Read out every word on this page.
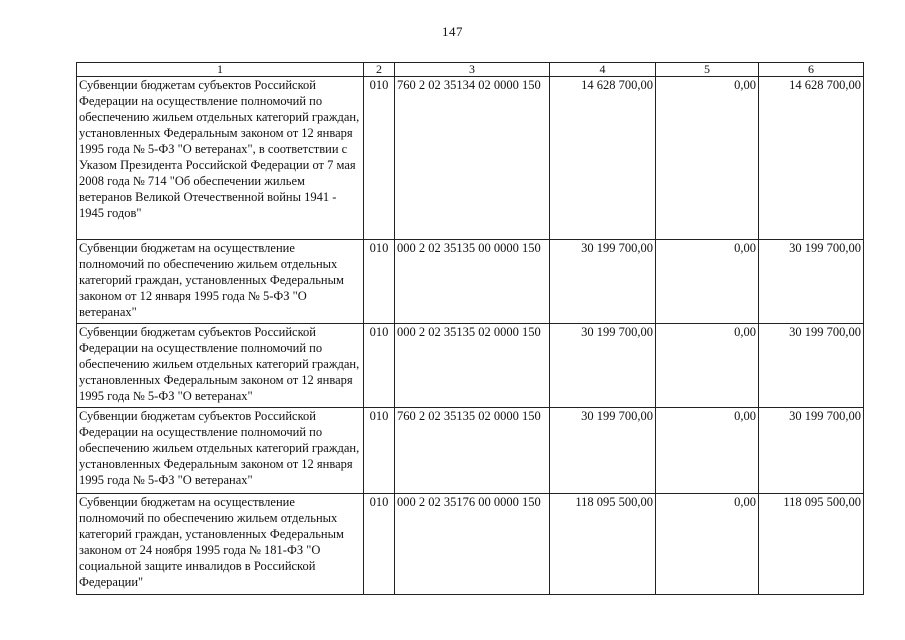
147
1	2	3	4	5	6
Субвенции бюджетам субъектов Российской Федерации на осуществление полномочий по обеспечению жильем отдельных категорий граждан, установленных Федеральным законом от 12 января 1995 года № 5-ФЗ "О ветеранах", в соответствии с Указом Президента Российской Федерации от 7 мая 2008 года № 714 "Об обеспечении жильем ветеранов Великой Отечественной войны 1941 - 1945 годов"	010	760 2 02 35134 02 0000 150	14 628 700,00	0,00	14 628 700,00
Субвенции бюджетам на осуществление полномочий по обеспечению жильем отдельных категорий граждан, установленных Федеральным законом от 12 января 1995 года № 5-ФЗ "О ветеранах"	010	000 2 02 35135 00 0000 150	30 199 700,00	0,00	30 199 700,00
Субвенции бюджетам субъектов Российской Федерации на осуществление полномочий по обеспечению жильем отдельных категорий граждан, установленных Федеральным законом от 12 января 1995 года № 5-ФЗ "О ветеранах"	010	000 2 02 35135 02 0000 150	30 199 700,00	0,00	30 199 700,00
Субвенции бюджетам субъектов Российской Федерации на осуществление полномочий по обеспечению жильем отдельных категорий граждан, установленных Федеральным законом от 12 января 1995 года № 5-ФЗ "О ветеранах"	010	760 2 02 35135 02 0000 150	30 199 700,00	0,00	30 199 700,00
Субвенции бюджетам на осуществление полномочий по обеспечению жильем отдельных категорий граждан, установленных Федеральным законом от 24 ноября 1995 года № 181-ФЗ "О социальной защите инвалидов в Российской Федерации"	010	000 2 02 35176 00 0000 150	118 095 500,00	0,00	118 095 500,00
